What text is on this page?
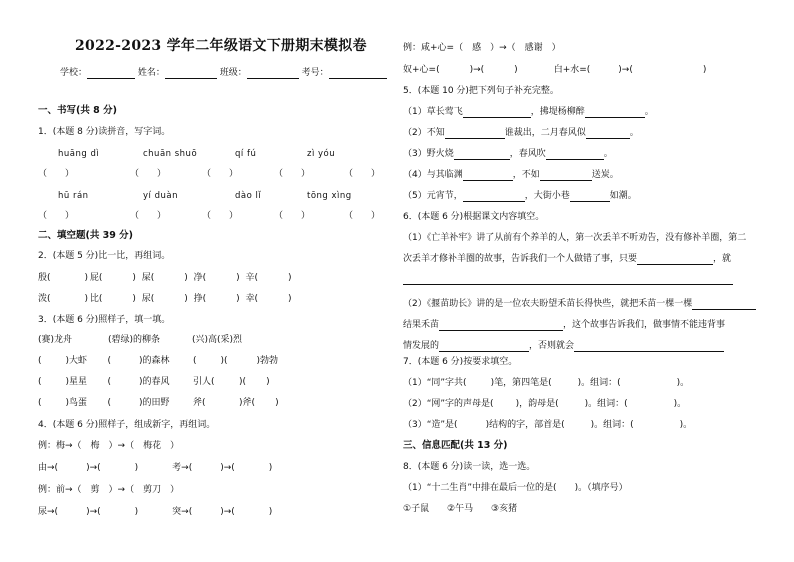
2022-2023 学年二年级语文下册期末模拟卷
学校：	姓名：	班级：	考号：
一、书写(共 8 分)
1．(本题 8 分)读拼音，写字词。
huāng dì	chuān shuō	qí fú	zì yóu
（　　）	（　　）	（　　）	（　　）	（　　）
hū rán	yí duàn	dào lǐ	tōng xìng
（　　）	（　　）	（　　）	（　　）	（　　）
二、填空题(共 39 分)
2．(本题 5 分)比一比，再组词。
殷(	) 屁(	) 屎(	) 净(	) 辛(	)
泼(	) 比(	) 尿(	) 挣(	) 幸(	)
3．(本题 6 分)照样子，填一填。
(赛)龙舟	(碧绿)的柳条	(兴)高(采)烈
(	)大虾 (	)的森林	(	)(	)勃勃
(	)星星 (	)的春风	引人(	)( )
(	)鸟蛋 (	)的田野	斧(	)斧( )
4．(本题 6 分)照样子，组成新字，再组词。
例：梅→（　梅　）→（　梅花　）
由→(	)→(	)	考→(	)→(	)
例：前→（　剪　）→（　剪刀　）
尿→(	)→(	)	突→(	)→(	)
例：咸+心=（　感　）→（　感谢　）
奴+心=(	)→(	)	白+水=(	)→(	)
5．(本题 10 分)把下列句子补充完整。
（1）草长莺飞	，拂堤杨柳醉	。
（2）不知	谁裁出，二月春风似	。
（3）野火烧	，春风吹	。
（4）与其临渊	，不如	送炭。
（5）元宵节，	，大街小巷	如潮。
6．(本题 6 分)根据课文内容填空。
（1）《亡羊补牢》讲了从前有个养羊的人，第一次丢羊不听劝告，没有修补羊圈，第二
次丢羊才修补羊圈的故事，告诉我们一个人做错了事，只要	，就
（2）《揠苗助长》讲的是一位农夫盼望禾苗长得快些，就把禾苗一棵一棵
结果禾苗	，这个故事告诉我们，做事情不能违背事
情发展的	，否则就会
7．(本题 6 分)按要求填空。
（1）“同”字共(	)笔，第四笔是(	)。组词：(	)。
（2）“网”字的声母是( )，韵母是(	)。组词：(	)。
（3）“造”是(	)结构的字，部首是(	)。组词：(	)。
三、信息匹配(共 13 分)
8．(本题 6 分)读一读，选一选。
（1）“十二生肖”中排在最后一位的是(　　)。（填序号）
①子鼠 ②午马 ③亥猪
